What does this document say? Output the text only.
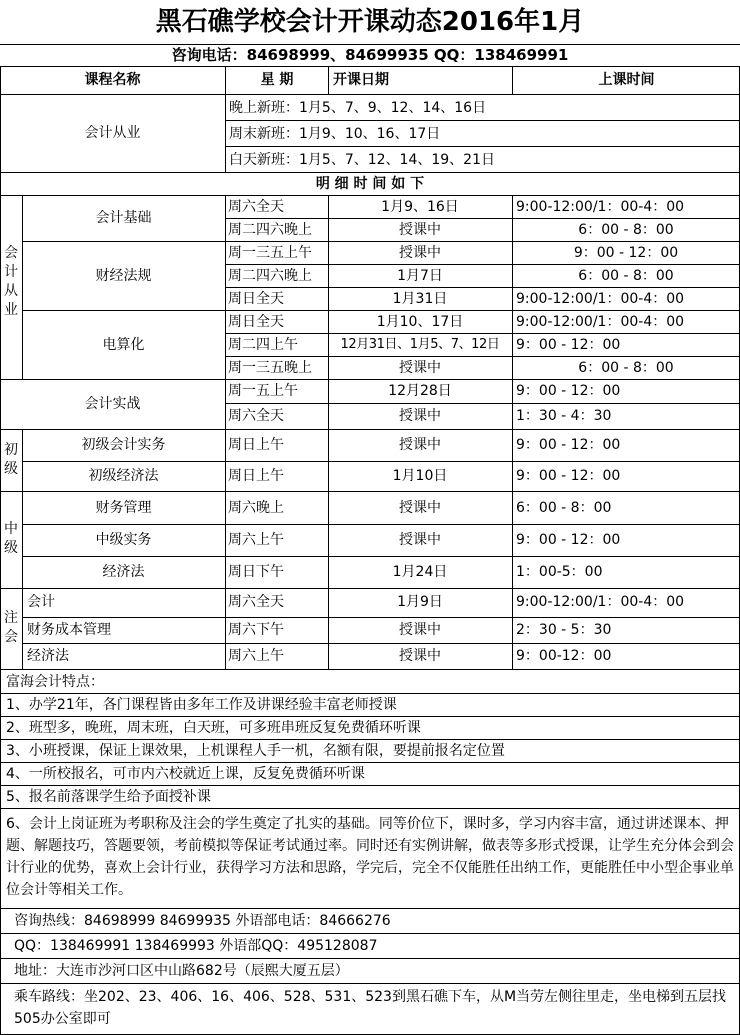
黑石礁学校会计开课动态2016年1月
咨询电话：84698999、84699935 QQ：138469991
课程名称	星 期	开课日期	上课时间
会计从业
晚上新班：1月5、7、9、12、14、16日
周末新班：1月9、10、16、17日
白天新班：1月5、7、12、14、19、21日
明 细 时 间 如 下
会
计
从
业
会计基础
周六全天	1月9、16日	9:00-12:00/1：00-4：00
周二四六晚上	授课中	6：00 - 8：00
财经法规
周一三五上午	授课中	9：00 - 12：00
周二四六晚上	1月7日	6：00 - 8：00
周日全天	1月31日	9:00-12:00/1：00-4：00
电算化
周日全天	1月10、17日	9:00-12:00/1：00-4：00
周二四上午	12月31日、1月5、7、12日	9：00 - 12：00
周一三五晚上	授课中	6：00 - 8：00
会计实战
周一五上午	12月28日	9：00 - 12：00
周六全天	授课中	1：30 - 4：30
初
级
初级会计实务	周日上午	授课中	9：00 - 12：00
初级经济法	周日上午	1月10日	9：00 - 12：00
中
级
财务管理	周六晚上	授课中	6：00 - 8：00
中级实务	周六上午	授课中	9：00 - 12：00
经济法	周日下午	1月24日	1：00-5：00
注
会
会计	周六全天	1月9日	9:00-12:00/1：00-4：00
财务成本管理	周六下午	授课中	2：30 - 5：30
经济法	周六上午	授课中	9：00-12：00
富海会计特点：
1、办学21年，各门课程皆由多年工作及讲课经验丰富老师授课
2、班型多，晚班，周末班，白天班，可多班串班反复免费循环听课
3、小班授课，保证上课效果，上机课程人手一机，名额有限，要提前报名定位置
4、一所校报名，可市内六校就近上课，反复免费循环听课
5、报名前落课学生给予面授补课
6、会计上岗证班为考职称及注会的学生奠定了扎实的基础。同等价位下，课时多，学习内容丰富，通过讲述课本、押题、解题技巧，答题要领，考前模拟等保证考试通过率。同时还有实例讲解，做表等多形式授课，让学生充分体会到会计行业的优势，喜欢上会计行业，获得学习方法和思路，学完后，完全不仅能胜任出纳工作，更能胜任中小型企事业单位会计等相关工作。
咨询热线：84698999 84699935 外语部电话：84666276
QQ：138469991 138469993 外语部QQ：495128087
地址：大连市沙河口区中山路682号（辰熙大厦五层）
乘车路线：坐202、23、406、16、406、528、531、523到黑石礁下车，从M当劳左侧往里走，坐电梯到五层找505办公室即可
